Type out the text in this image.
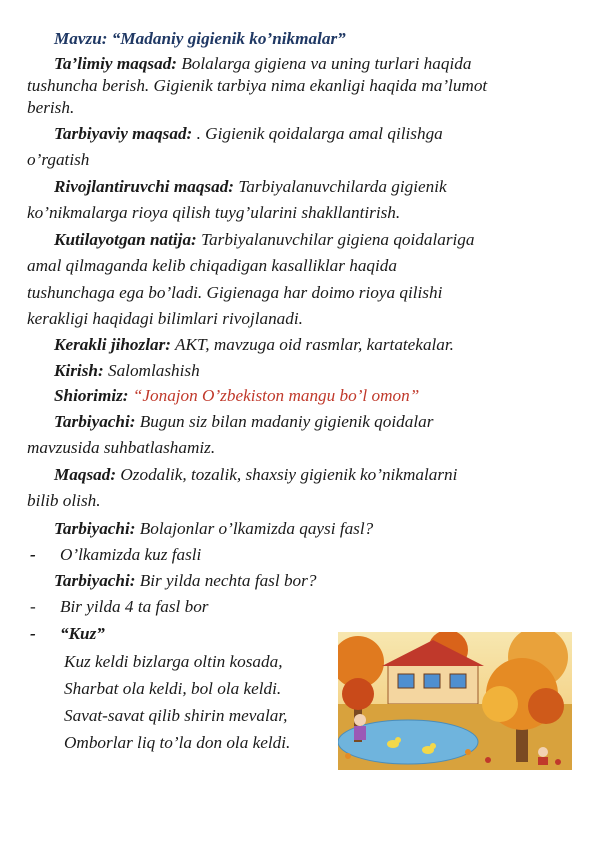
Mavzu: “Madaniy gigienik ko’nikmalar”
Ta’limiy maqsad: Bolalarga gigiena va uning turlari haqida
tushuncha berish. Gigienik tarbiya nima ekanligi haqida ma’lumot
berish.
Tarbiyaviy maqsad: . Gigienik qoidalarga amal qilishga
o’rgatish
Rivojlantiruvchi maqsad: Tarbiyalanuvchilarda gigienik
ko’nikmalarga rioya qilish tuyg’ularini shakllantirish.
Kutilayotgan natija: Tarbiyalanuvchilar gigiena qoidalariga
amal qilmaganda kelib chiqadigan kasalliklar haqida
tushunchaga ega bo’ladi. Gigienaga har doimo rioya qilishi
kerakligi haqidagi bilimlari rivojlanadi.
Kerakli jihozlar: AKT, mavzuga oid rasmlar, kartatekalar.
Kirish: Salomlashish
Shiorimiz: “Jonajon O’zbekiston mangu bo’l omon”
Tarbiyachi: Bugun siz bilan madaniy gigienik qoidalar
mavzusida suhbatlashamiz.
Maqsad: Ozodalik, tozalik, shaxsiy gigienik ko’nikmalarni
bilib olish.
Tarbiyachi: Bolajonlar o’lkamizda qaysi fasl?
- O’lkamizda kuz fasli
Tarbiyachi: Bir yilda nechta fasl bor?
- Bir yilda 4 ta fasl bor
- “Kuz”
Kuz keldi bizlarga oltin kosada,
Sharbat ola keldi, bol ola keldi.
Savat-savat qilib shirin mevalar,
Omborlar liq to’la don ola keldi.
